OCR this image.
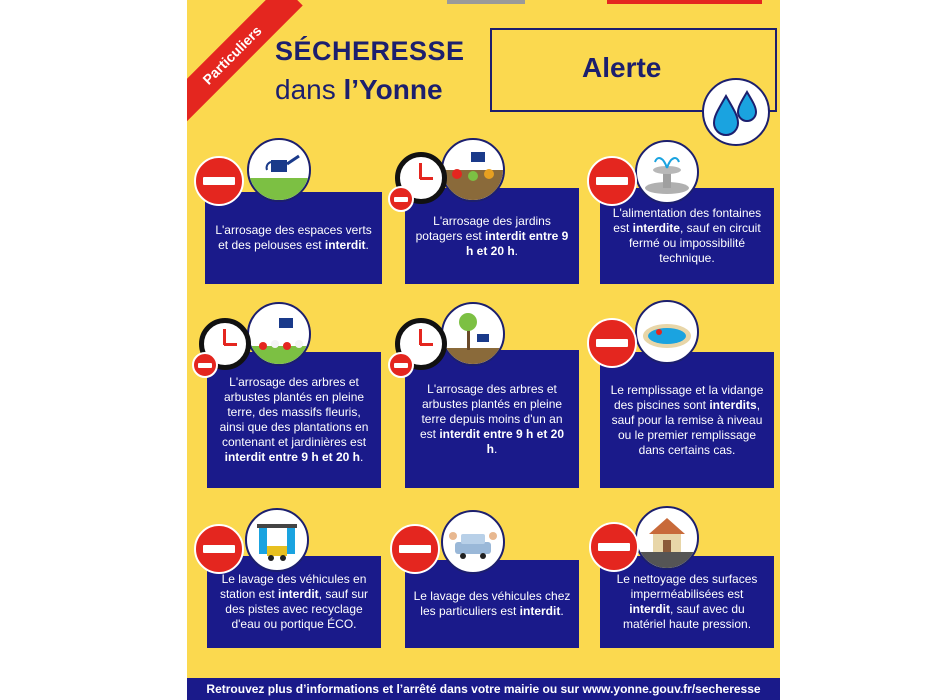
Particuliers SÉCHERESSE
dans l’Yonne
Alerte
L'arrosage des espaces verts et des pelouses est interdit.
L'arrosage des jardins potagers est interdit entre 9 h et 20 h.
L'alimentation des fontaines est interdite, sauf en circuit fermé ou impossibilité technique.
L'arrosage des arbres et arbustes plantés en pleine terre, des massifs fleuris, ainsi que des plantations en contenant et jardinières est interdit entre 9 h et 20 h.
L'arrosage des arbres et arbustes plantés en pleine terre depuis moins d'un an est interdit entre 9 h et 20 h.
Le remplissage et la vidange des piscines sont interdits, sauf pour la remise à niveau ou le premier remplissage dans certains cas.
Le lavage des véhicules en station est interdit, sauf sur des pistes avec recyclage d'eau ou portique ÉCO.
Le lavage des véhicules chez les particuliers est interdit.
Le nettoyage des surfaces imperméabilisées est interdit, sauf avec du matériel haute pression.
Retrouvez plus d’informations et l’arrêté dans votre mairie ou sur www.yonne.gouv.fr/secheresse
